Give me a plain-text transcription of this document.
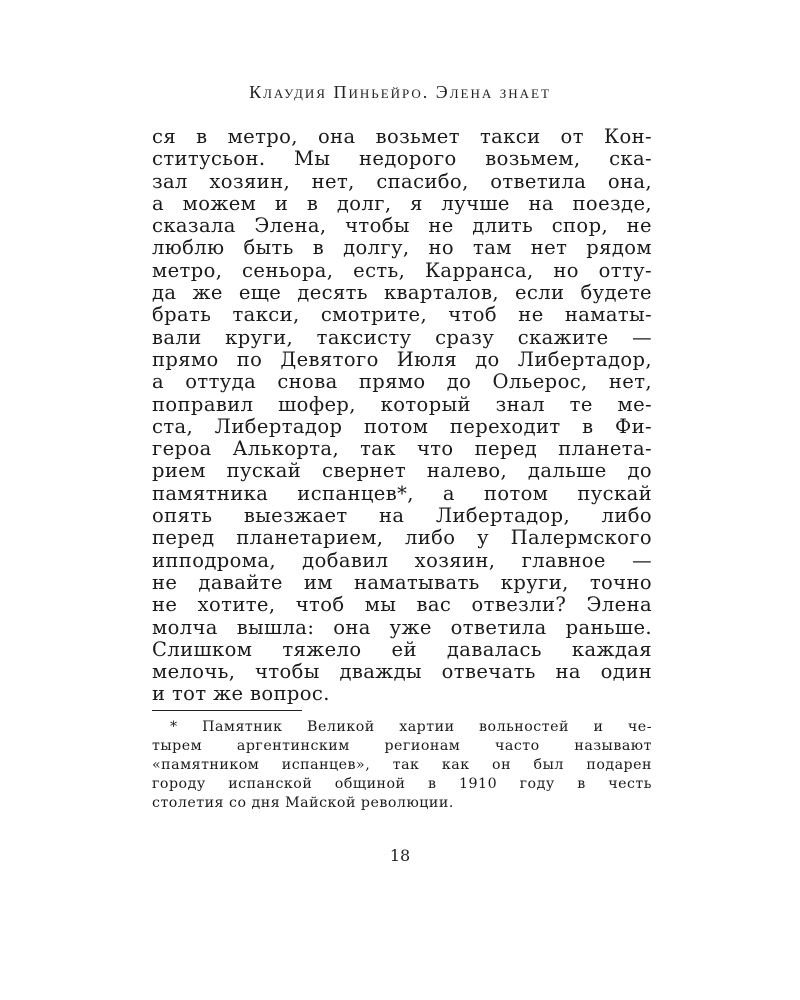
Клаудия Пиньейро. Элена знает
ся в метро, она возьмет такси от Кон-
ститусьон. Мы недорого возьмем, ска-
зал хозяин, нет, спасибо, ответила она,
а можем и в долг, я лучше на поезде,
сказала Элена, чтобы не длить спор, не
люблю быть в долгу, но там нет рядом
метро, сеньора, есть, Карранса, но отту-
да же еще десять кварталов, если будете
брать такси, смотрите, чтоб не намaты-
вали круги, таксисту сразу скажите —
прямо по Девятого Июля до Либертадор,
а оттуда снова прямо до Ольерос, нет,
поправил шофер, который знал те ме-
ста, Либертадор потом переходит в Фи-
героа Алькорта, так что перед планета-
рием пускай свернет налево, дальше до
памятника испанцев*, а потом пускай
опять выезжает на Либертадор, либо
перед планетарием, либо у Палермского
ипподрома, добавил хозяин, главное —
не давайте им наматывать круги, точно
не хотите, чтоб мы вас отвезли? Элена
молча вышла: она уже ответила раньше.
Слишком тяжело ей давалась каждая
мелочь, чтобы дважды отвечать на один
и тот же вопрос.
* Памятник Великой хартии вольностей и че-
тырем аргентинским регионам часто называют
«памятником испанцев», так как он был подарен
городу испанской общиной в 1910 году в честь
столетия со дня Майской революции.
18
